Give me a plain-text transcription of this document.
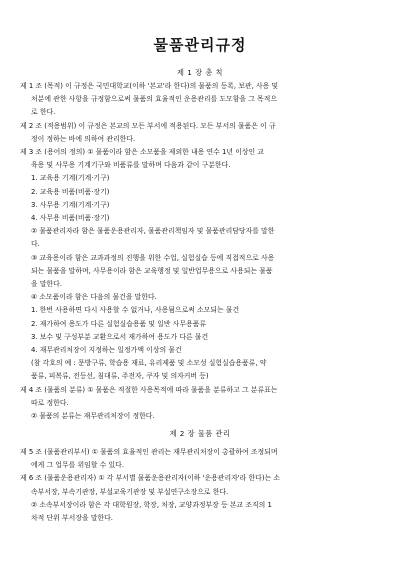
물품관리규정
제 1 장 총 칙
제 1 조 (목적) 이 규정은 국민대학교(이하 '본교'라 한다)의 물품의 등록, 보관, 사용 및
처분에 관한 사항을 규정함으로써 물품의 효율적인 운용관리를 도모함을 그 목적으
로 한다.
제 2 조 (적용범위) 이 규정은 본교의 모든 부서에 적용된다. 모든 부서의 물품은 이 규
정이 정하는 바에 의하여 관리한다.
제 3 조 (용어의 정의) ① 물품이라 함은 소모품을 제외한 내용 연수 1년 이상인 교
육용 및 사무용 기계기구와 비품류를 말하며 다음과 같이 구분한다.
1. 교육용 기계(기계·기구)
2. 교육용 비품(비품·장기)
3. 사무용 기계(기계·기구)
4. 사무용 비품(비품·장기)
② 물품관리자라 함은 물품운용관리자, 물품관리책임자 및 물품관리담당자를 말한
다.
③ 교육용이라 함은 교과과정의 진행을 위한 수업, 실험실습 등에 직접적으로 사용
되는 물품을 말하며, 사무용이라 함은 교육행정 및 일반업무용으로 사용되는 물품
을 말한다.
④ 소모품이라 함은 다음의 물건을 말한다.
1. 한번 사용하면 다시 사용할 수 없거나, 사용됨으로써 소모되는 물건
2. 재가하여 용도가 다른 실험실습용품 및 일반 사무용품류
3. 보수 및 구성부분 교환으로서 재가하여 용도가 다른 물건
4. 재무관리처장이 지정하는 일정가액 이상의 물건
(참 각호의 예 : 문방구류, 학습용 재료, 유리제품 및 소모성 실험실습용품류, 약
품류, 피복류, 전등선, 침대류, 주전자, 쿠자 및 의자커버 등)
제 4 조 (물품의 분류) ① 물품은 적절한 사용목적에 따라 물품을 분류하고 그 분류표는
따로 정한다.
② 물품의 분류는 재무관리처장이 정한다.
제 2 장 물품 관리
제 5 조 (물품관리부서) ① 물품의 효율적인 관리는 재무관리처장이 총괄하여 조정되며
에게 그 업무를 위임할 수 있다.
제 6 조 (물품운용관리자) ① 각 부서별 물품운용관리자(이하 '운용관리자'라 한다)는 소
속부서장, 부속기관장, 부설교육기관장 및 부설연구소장으로 한다.
② 소속부서장이라 함은 각 대학원장, 학장, 처장, 교양과정부장 등 본교 조직의 1
차적 단위 부서장을 말한다.
